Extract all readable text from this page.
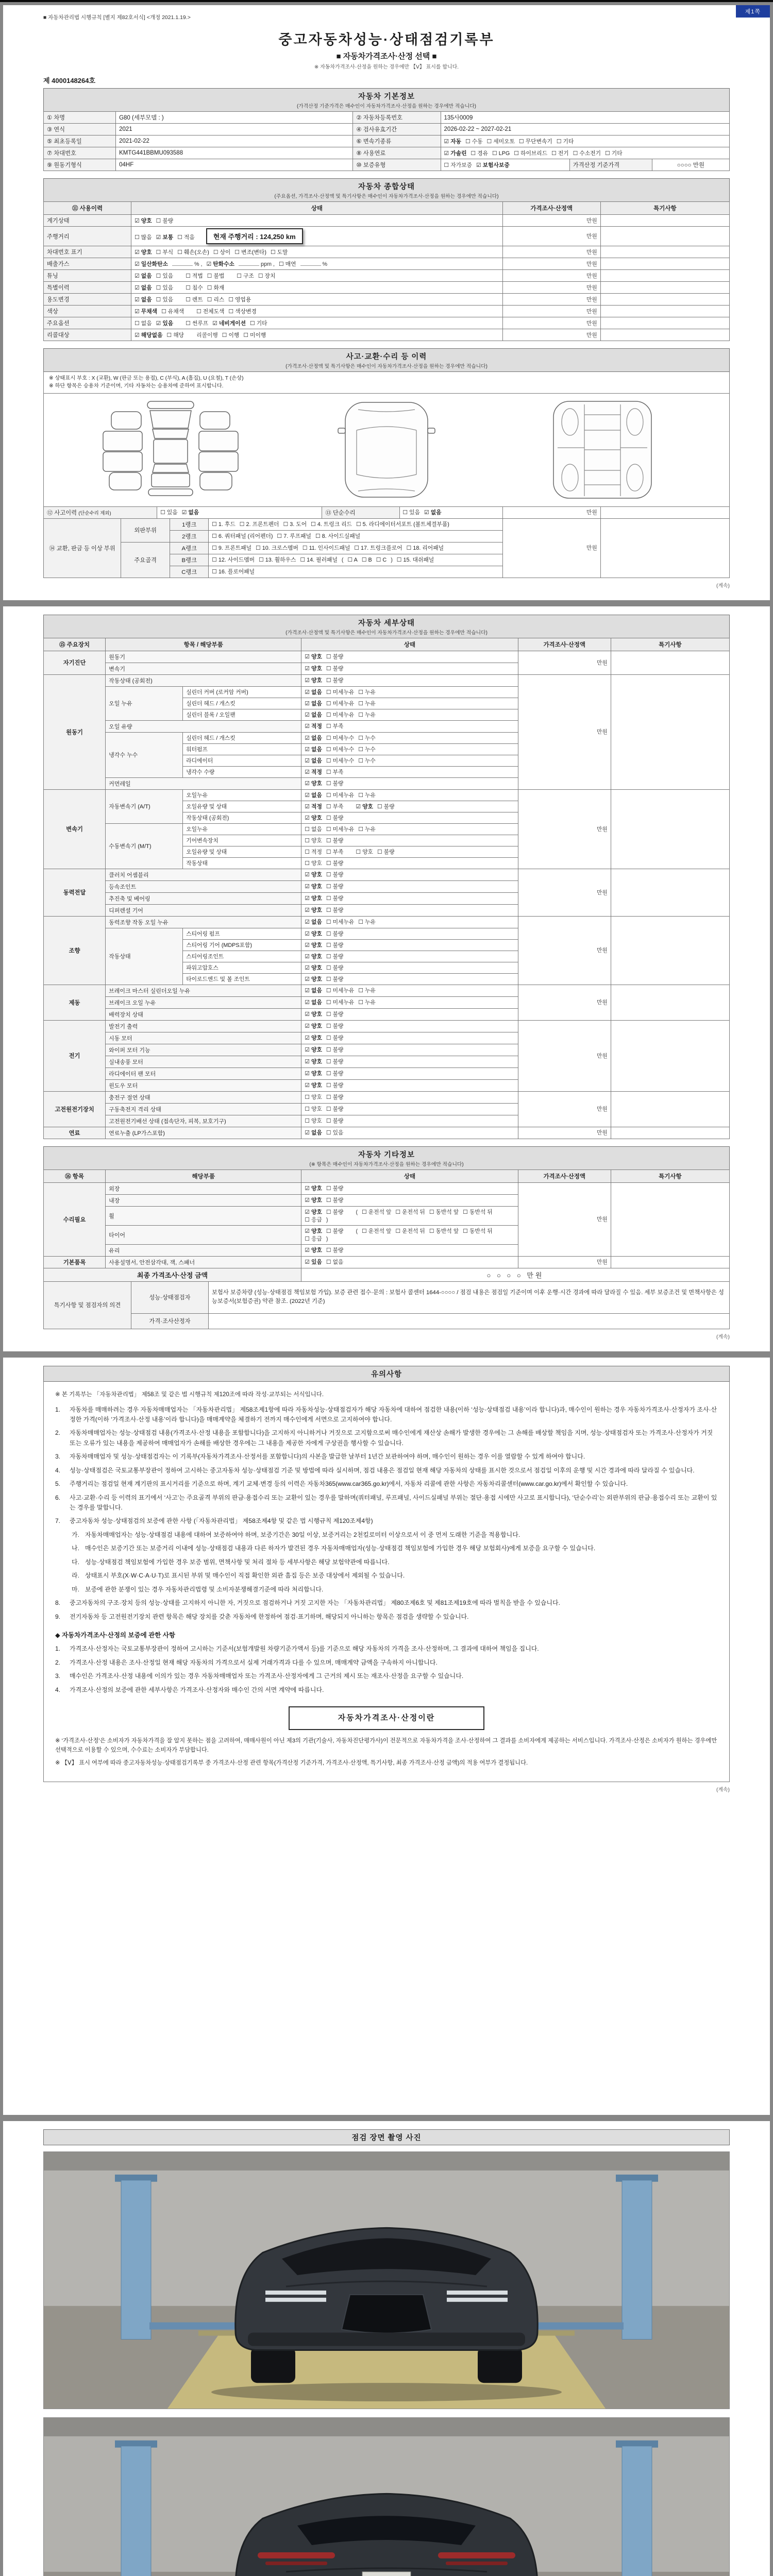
제1쪽
■ 자동차관리법 시행규칙 [별지 제82호서식] <개정 2021.1.19.>
중고자동차성능·상태점검기록부
■ 자동차가격조사·산정 선택 ■
※ 자동차가격조사·산정을 원하는 경우에만 【Ⅴ】 표시를 합니다.
제 4000148264호
자동차 기본정보
(가격산정 기준가격은 매수인이 자동차가격조사·산정을 원하는 경우에만 적습니다)
① 차명	G80 (세부모델 : )	② 자동차등록번호	135사0009		
③ 연식	2021	④ 검사유효기간	2026-02-22 ~ 2027-02-21		
⑤ 최초등록일	2021-02-22	⑥ 변속기종류	☑ 자동 ☐ 수동 ☐ 세미오토 ☐ 무단변속기 ☐ 기타		
⑦ 차대번호	KMTG441BBMU093588	⑧ 사용연료	☑ 가솔린 ☐ 경유 ☐ LPG ☐ 하이브리드 ☐ 전기 ☐ 수소전기 ☐ 기타		
⑨ 원동기형식	04HF	⑩ 보증유형	☐ 자가보증 ☑ 보험사보증	가격산정 기준가격	○○○○ 만원
자동차 종합상태
(주요옵션, 가격조사·산정액 및 특기사항은 매수인이 자동차가격조사·산정을 원하는 경우에만 적습니다)
⑪ 사용이력	상태	가격조사·산정액	특기사항
계기상태	☑ 양호 ☐ 불량	만원	
주행거리	☐ 많음 ☑ 보통 ☐ 적음 현재 주행거리 : 124,250 km	만원	
차대번호 표기	☑ 양호 ☐ 부식 ☐ 훼손(오손) ☐ 상이 ☐ 변조(변타) ☐ 도말	만원	
배출가스	☑ 일산화탄소 % , ☑ 탄화수소 ppm , ☐ 매연 %	만원	
튜닝	☑ 없음 ☐ 있음 ☐ 적법 ☐ 불법 ☐ 구조 ☐ 장치	만원	
특별이력	☑ 없음 ☐ 있음 ☐ 침수 ☐ 화재	만원	
용도변경	☑ 없음 ☐ 있음 ☐ 렌트 ☐ 리스 ☐ 영업용	만원	
색상	☑ 무채색 ☐ 유채색 ☐ 전체도색 ☐ 색상변경	만원	
주요옵션	☐ 없음 ☑ 있음 ☐ 썬루프 ☑ 네비게이션 ☐ 기타	만원	
리콜대상	☑ 해당없음 ☐ 해당 리콜이행 ☐ 이행 ☐ 미이행	만원	
사고·교환·수리 등 이력
(가격조사·산정액 및 특기사항은 매수인이 자동차가격조사·산정을 원하는 경우에만 적습니다)
※ 상태표시 부호 : X (교환), W (판금 또는 용접), C (부식), A (흠집), U (요철), T (손상)
※ 하단 항목은 승용차 기준이며, 기타 자동차는 승용차에 준하여 표시합니다.
⑫ 사고이력 (단순수리 제외)	☐ 있음 ☑ 없음	⑬ 단순수리	☐ 있음 ☑ 없음	만원	
⑭ 교환, 판금 등 이상 부위	외판부위	1랭크	☐ 1. 후드 ☐ 2. 프론트펜더 ☐ 3. 도어 ☐ 4. 트렁크 리드 ☐ 5. 라디에이터서포트 (볼트체결부품)	만원	
		2랭크	☐ 6. 쿼터패널 (리어펜더) ☐ 7. 루프패널 ☐ 8. 사이드실패널		
	주요골격	A랭크	☐ 9. 프론트패널 ☐ 10. 크로스멤버 ☐ 11. 인사이드패널 ☐ 17. 트렁크플로어 ☐ 18. 리어패널		
		B랭크	☐ 12. 사이드멤버 ☐ 13. 휠하우스 ☐ 14. 필러패널 ( ☐ A ☐ B ☐ C ) ☐ 15. 대쉬패널		
		C랭크	☐ 16. 플로어패널		
(계속)
자동차 세부상태
(가격조사·산정액 및 특기사항은 매수인이 자동차가격조사·산정을 원하는 경우에만 적습니다)
⑮ 주요장치	항목 / 해당부품		상태	가격조사·산정액	특기사항
자기진단	원동기		☑ 양호 ☐ 불량	만원	
	변속기		☑ 양호 ☐ 불량		
원동기	작동상태 (공회전)		☑ 양호 ☐ 불량	만원	
	오일 누유	실린더 커버 (로커암 커버)	☑ 없음 ☐ 미세누유 ☐ 누유		
		실린더 헤드 / 개스킷	☑ 없음 ☐ 미세누유 ☐ 누유		
		실린더 블록 / 오일팬	☑ 없음 ☐ 미세누유 ☐ 누유		
	오일 유량		☑ 적정 ☐ 부족		
	냉각수 누수	실린더 헤드 / 개스킷	☑ 없음 ☐ 미세누수 ☐ 누수		
		워터펌프	☑ 없음 ☐ 미세누수 ☐ 누수		
		라디에이터	☑ 없음 ☐ 미세누수 ☐ 누수		
		냉각수 수량	☑ 적정 ☐ 부족		
	커먼레일		☑ 양호 ☐ 불량		
변속기	자동변속기 (A/T)	오일누유	☑ 없음 ☐ 미세누유 ☐ 누유	만원	
		오일유량 및 상태	☑ 적정 ☐ 부족 ☑ 양호 ☐ 불량		
		작동상태 (공회전)	☑ 양호 ☐ 불량		
	수동변속기 (M/T)	오일누유	☐ 없음 ☐ 미세누유 ☐ 누유		
		기어변속장치	☐ 양호 ☐ 불량		
		오일유량 및 상태	☐ 적정 ☐ 부족 ☐ 양호 ☐ 불량		
		작동상태	☐ 양호 ☐ 불량		
동력전달	클러치 어셈블리		☑ 양호 ☐ 불량	만원	
	등속조인트		☑ 양호 ☐ 불량		
	추진축 및 베어링		☑ 양호 ☐ 불량		
	디퍼렌셜 기어		☑ 양호 ☐ 불량		
조향	동력조향 작동 오일 누유		☑ 없음 ☐ 미세누유 ☐ 누유	만원	
	작동상태	스티어링 펌프	☑ 양호 ☐ 불량		
		스티어링 기어 (MDPS포함)	☑ 양호 ☐ 불량		
		스티어링조인트	☑ 양호 ☐ 불량		
		파워고압호스	☑ 양호 ☐ 불량		
		타이로드엔드 및 볼 조인트	☑ 양호 ☐ 불량		
제동	브레이크 마스터 실린더오일 누유		☑ 없음 ☐ 미세누유 ☐ 누유	만원	
	브레이크 오일 누유		☑ 없음 ☐ 미세누유 ☐ 누유		
	배력장치 상태		☑ 양호 ☐ 불량		
전기	발전기 출력		☑ 양호 ☐ 불량	만원	
	시동 모터		☑ 양호 ☐ 불량		
	와이퍼 모터 기능		☑ 양호 ☐ 불량		
	실내송풍 모터		☑ 양호 ☐ 불량		
	라디에이터 팬 모터		☑ 양호 ☐ 불량		
	윈도우 모터		☑ 양호 ☐ 불량		
고전원전기장치	충전구 절연 상태		☐ 양호 ☐ 불량	만원	
	구동축전지 격리 상태		☐ 양호 ☐ 불량		
	고전원전기배선 상태 (접속단자, 피복, 보호기구)		☐ 양호 ☐ 불량		
연료	연료누출 (LP가스포함)		☑ 없음 ☐ 있음	만원	
자동차 기타정보
(※ 항목은 매수인이 자동차가격조사·산정을 원하는 경우에만 적습니다)
⑯ 항목	해당부품	상태	가격조사·산정액	특기사항
수리필요	외장	☑ 양호 ☐ 불량	만원	
	내장	☑ 양호 ☐ 불량		
	휠	☑ 양호 ☐ 불량 ( ☐ 운전석 앞 ☐ 운전석 뒤 ☐ 동반석 앞 ☐ 동반석 뒤☐ 응급 )		
	타이어	☑ 양호 ☐ 불량 ( ☐ 운전석 앞 ☐ 운전석 뒤 ☐ 동반석 앞 ☐ 동반석 뒤☐ 응급 )		
	유리	☑ 양호 ☐ 불량		
기본품목	사용설명서, 안전삼각대, 잭, 스패너	☑ 있음 ☐ 없음	만원	
최종 가격조사·산정 금액	○ ○ ○ ○ 만원
특기사항 및 점검자의 의견	성능·상태점검자	보험사 보증차량 (성능·상태점검 책임보험 가입). 보증 관련 접수·문의 : 보험사 콜센터 1644-○○○○ / 점검 내용은 점검일 기준이며 이후 운행·시간 경과에 따라 달라질 수 있음. 세부 보증조건 및 면책사항은 성능보증서(보험증권) 약관 참조. (2022년 기준)
	가격·조사산정자	
(계속)
유의사항
※ 본 기록부는 「자동차관리법」 제58조 및 같은 법 시행규칙 제120조에 따라 작성·교부되는 서식입니다.
1.	자동차를 매매하려는 경우 자동차매매업자는 「자동차관리법」 제58조제1항에 따라 자동차성능·상태점검자가 해당 자동차에 대하여 점검한 내용(이하 ‘성능·상태점검 내용’이라 합니다)과, 매수인이 원하는 경우 자동차가격조사·산정자가 조사·산정한 가격(이하 ‘가격조사·산정 내용’이라 합니다)을 매매계약을 체결하기 전까지 매수인에게 서면으로 고지하여야 합니다.
2.	자동차매매업자는 성능·상태점검 내용(가격조사·산정 내용을 포함합니다)을 고지하지 아니하거나 거짓으로 고지함으로써 매수인에게 재산상 손해가 발생한 경우에는 그 손해를 배상할 책임을 지며, 성능·상태점검자 또는 가격조사·산정자가 거짓 또는 오류가 있는 내용을 제공하여 매매업자가 손해를 배상한 경우에는 그 내용을 제공한 자에게 구상권을 행사할 수 있습니다.
3.	자동차매매업자 및 성능·상태점검자는 이 기록부(자동차가격조사·산정서를 포함합니다)의 사본을 발급한 날부터 1년간 보관하여야 하며, 매수인이 원하는 경우 이를 열람할 수 있게 하여야 합니다.
4.	성능·상태점검은 국토교통부장관이 정하여 고시하는 중고자동차 성능·상태점검 기준 및 방법에 따라 실시하며, 점검 내용은 점검일 현재 해당 자동차의 상태를 표시한 것으로서 점검일 이후의 운행 및 시간 경과에 따라 달라질 수 있습니다.
5.	주행거리는 점검일 현재 계기판의 표시거리를 기준으로 하며, 계기 교체·변경 등의 이력은 자동차365(www.car365.go.kr)에서, 자동차 리콜에 관한 사항은 자동차리콜센터(www.car.go.kr)에서 확인할 수 있습니다.
6.	사고·교환·수리 등 이력의 표기에서 ‘사고’는 주요골격 부위의 판금·용접수리 또는 교환이 있는 경우를 말하며(쿼터패널, 루프패널, 사이드실패널 부위는 절단·용접 시에만 사고로 표시합니다), ‘단순수리’는 외판부위의 판금·용접수리 또는 교환이 있는 경우를 말합니다.
7.	중고자동차 성능·상태점검의 보증에 관한 사항 (「자동차관리법」 제58조제4항 및 같은 법 시행규칙 제120조제4항)
가. 자동차매매업자는 성능·상태점검 내용에 대하여 보증하여야 하며, 보증기간은 30일 이상, 보증거리는 2천킬로미터 이상으로서 이 중 먼저 도래한 기준을 적용합니다.
나. 매수인은 보증기간 또는 보증거리 이내에 성능·상태점검 내용과 다른 하자가 발견된 경우 자동차매매업자(성능·상태점검 책임보험에 가입한 경우 해당 보험회사)에게 보증을 요구할 수 있습니다.
다. 성능·상태점검 책임보험에 가입한 경우 보증 범위, 면책사항 및 처리 절차 등 세부사항은 해당 보험약관에 따릅니다.
라. 상태표시 부호(X·W·C·A·U·T)로 표시된 부위 및 매수인이 직접 확인한 외관 흠집 등은 보증 대상에서 제외될 수 있습니다.
마. 보증에 관한 분쟁이 있는 경우 자동차관리법령 및 소비자분쟁해결기준에 따라 처리합니다.
8.	중고자동차의 구조·장치 등의 성능·상태를 고지하지 아니한 자, 거짓으로 점검하거나 거짓 고지한 자는 「자동차관리법」 제80조제6호 및 제81조제19호에 따라 벌칙을 받을 수 있습니다.
9.	전기자동차 등 고전원전기장치 관련 항목은 해당 장치를 갖춘 자동차에 한정하여 점검·표기하며, 해당되지 아니하는 항목은 점검을 생략할 수 있습니다.
◆ 자동차가격조사·산정의 보증에 관한 사항
1.	가격조사·산정자는 국토교통부장관이 정하여 고시하는 기준서(보험개발원 차량기준가액서 등)를 기준으로 해당 자동차의 가격을 조사·산정하며, 그 결과에 대하여 책임을 집니다.
2.	가격조사·산정 내용은 조사·산정일 현재 해당 자동차의 가격으로서 실제 거래가격과 다를 수 있으며, 매매계약 금액을 구속하지 아니합니다.
3.	매수인은 가격조사·산정 내용에 이의가 있는 경우 자동차매매업자 또는 가격조사·산정자에게 그 근거의 제시 또는 재조사·산정을 요구할 수 있습니다.
4.	가격조사·산정의 보증에 관한 세부사항은 가격조사·산정자와 매수인 간의 서면 계약에 따릅니다.
자동차가격조사·산정이란

※ ‘가격조사·산정’은 소비자가 자동차가격을 잘 알지 못하는 점을 고려하여, 매매사원이 아닌 제3의 기관(기술사, 자동차진단평가사)이 전문적으로 자동차가격을 조사·산정하여 그 결과를 소비자에게 제공하는 서비스입니다. 가격조사·산정은 소비자가 원하는 경우에만 선택적으로 이용할 수 있으며, 수수료는 소비자가 부담합니다.

※ 【Ⅴ】 표시 여부에 따라 중고자동차성능·상태점검기록부 중 가격조사·산정 관련 항목(가격산정 기준가격, 가격조사·산정액, 특기사항, 최종 가격조사·산정 금액)의 적용 여부가 결정됩니다.

(계속)
점검 장면 촬영 사진
